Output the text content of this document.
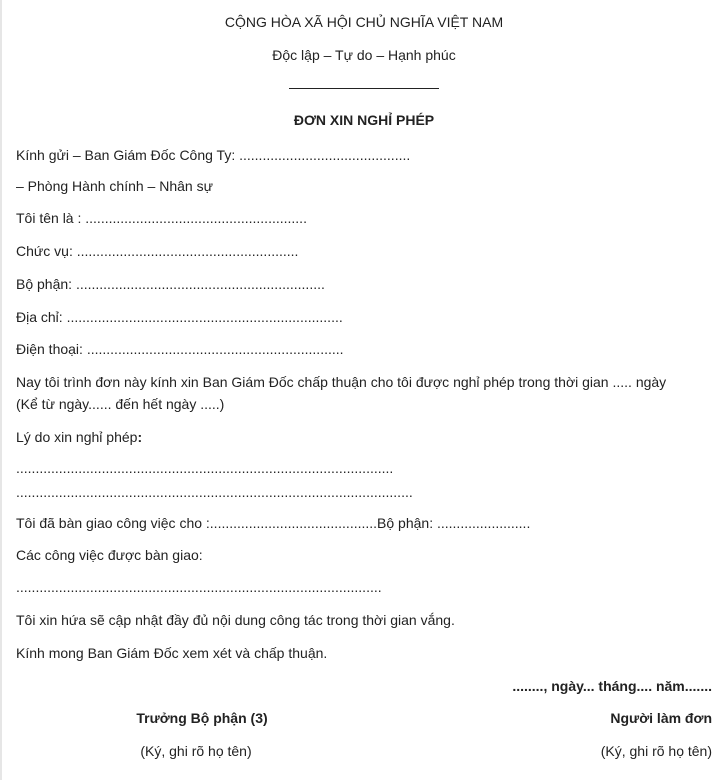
CỘNG HÒA XÃ HỘI CHỦ NGHĨA VIỆT NAM
Độc lập – Tự do – Hạnh phúc
ĐƠN XIN NGHỈ PHÉP
Kính gửi – Ban Giám Đốc Công Ty: ............................................
– Phòng Hành chính – Nhân sự
Tôi tên là : .........................................................
Chức vụ: .........................................................
Bộ phận: ................................................................
Địa chỉ: .......................................................................
Điện thoại: ..................................................................
Nay tôi trình đơn này kính xin Ban Giám Đốc chấp thuận cho tôi được nghỉ phép trong thời gian ..... ngày
(Kể từ ngày...... đến hết ngày .....)
Lý do xin nghỉ phép:
.................................................................................................
......................................................................................................
Tôi đã bàn giao công việc cho :...........................................Bộ phận: ........................
Các công việc được bàn giao:
..............................................................................................
Tôi xin hứa sẽ cập nhật đầy đủ nội dung công tác trong thời gian vắng.
Kính mong Ban Giám Đốc xem xét và chấp thuận.
........, ngày... tháng.... năm.......
Trưởng Bộ phận (3)
(Ký, ghi rõ họ tên)
Người làm đơn
(Ký, ghi rõ họ tên)
